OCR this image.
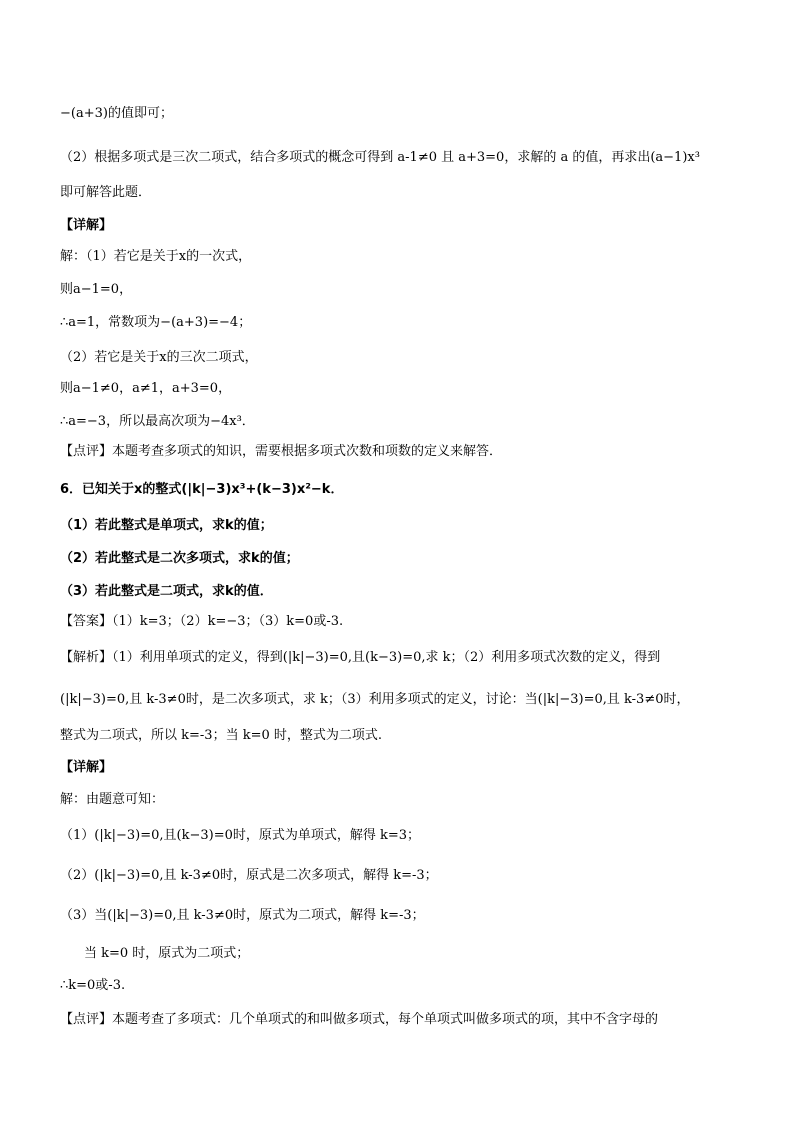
−(a+3)的值即可；
（2）根据多项式是三次二项式，结合多项式的概念可得到 a-1≠0 且 a+3=0，求解的 a 的值，再求出(a−1)x³
即可解答此题．
【详解】
解：（1）若它是关于x的一次式，
则a−1=0，
∴a=1，常数项为−(a+3)=−4；
（2）若它是关于x的三次二项式，
则a−1≠0，a≠1，a+3=0，
∴a=−3，所以最高次项为−4x³．
【点评】本题考查多项式的知识，需要根据多项式次数和项数的定义来解答．
6．已知关于x的整式(|k|−3)x³+(k−3)x²−k．
（1）若此整式是单项式，求k的值；
（2）若此整式是二次多项式，求k的值；
（3）若此整式是二项式，求k的值．
【答案】（1）k=3；（2）k=−3；（3）k=0或-3.
【解析】（1）利用单项式的定义，得到(|k|−3)=0,且(k−3)=0,求 k；（2）利用多项式次数的定义，得到
(|k|−3)=0,且 k-3≠0时，是二次多项式，求 k；（3）利用多项式的定义，讨论：当(|k|−3)=0,且 k-3≠0时，
整式为二项式，所以 k=-3；当 k=0 时，整式为二项式.
【详解】
解：由题意可知：
（1）(|k|−3)=0,且(k−3)=0时，原式为单项式，解得 k=3；
（2）(|k|−3)=0,且 k-3≠0时，原式是二次多项式，解得 k=-3；
（3）当(|k|−3)=0,且 k-3≠0时，原式为二项式，解得 k=-3；
当 k=0 时，原式为二项式；
∴k=0或-3.
【点评】本题考查了多项式：几个单项式的和叫做多项式，每个单项式叫做多项式的项，其中不含字母的
